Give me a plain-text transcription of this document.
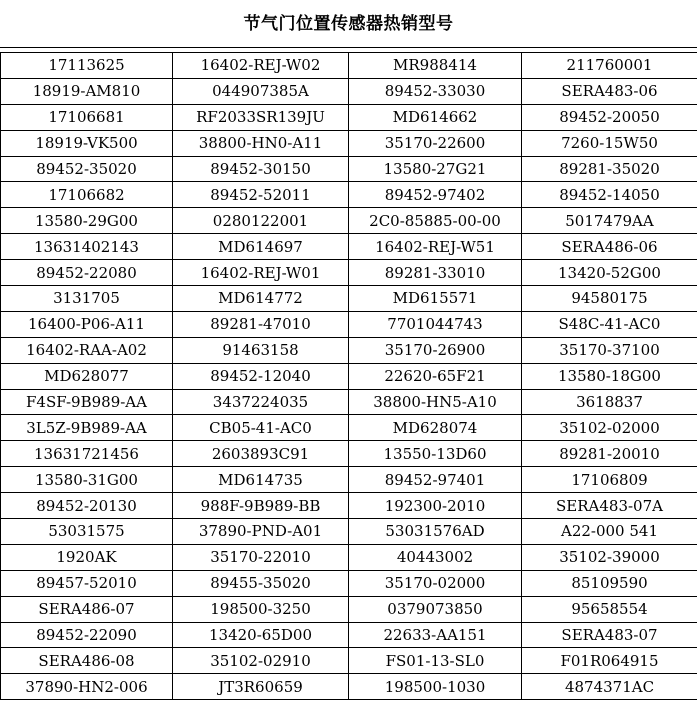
节气门位置传感器热销型号
17113625	16402-REJ-W02	MR988414	211760001
18919-AM810	044907385A	89452-33030	SERA483-06
17106681	RF2033SR139JU	MD614662	89452-20050
18919-VK500	38800-HN0-A11	35170-22600	7260-15W50
89452-35020	89452-30150	13580-27G21	89281-35020
17106682	89452-52011	89452-97402	89452-14050
13580-29G00	0280122001	2C0-85885-00-00	5017479AA
13631402143	MD614697	16402-REJ-W51	SERA486-06
89452-22080	16402-REJ-W01	89281-33010	13420-52G00
3131705	MD614772	MD615571	94580175
16400-P06-A11	89281-47010	7701044743	S48C-41-AC0
16402-RAA-A02	91463158	35170-26900	35170-37100
MD628077	89452-12040	22620-65F21	13580-18G00
F4SF-9B989-AA	3437224035	38800-HN5-A10	3618837
3L5Z-9B989-AA	CB05-41-AC0	MD628074	35102-02000
13631721456	2603893C91	13550-13D60	89281-20010
13580-31G00	MD614735	89452-97401	17106809
89452-20130	988F-9B989-BB	192300-2010	SERA483-07A
53031575	37890-PND-A01	53031576AD	A22-000 541
1920AK	35170-22010	40443002	35102-39000
89457-52010	89455-35020	35170-02000	85109590
SERA486-07	198500-3250	0379073850	95658554
89452-22090	13420-65D00	22633-AA151	SERA483-07
SERA486-08	35102-02910	FS01-13-SL0	F01R064915
37890-HN2-006	JT3R60659	198500-1030	4874371AC
